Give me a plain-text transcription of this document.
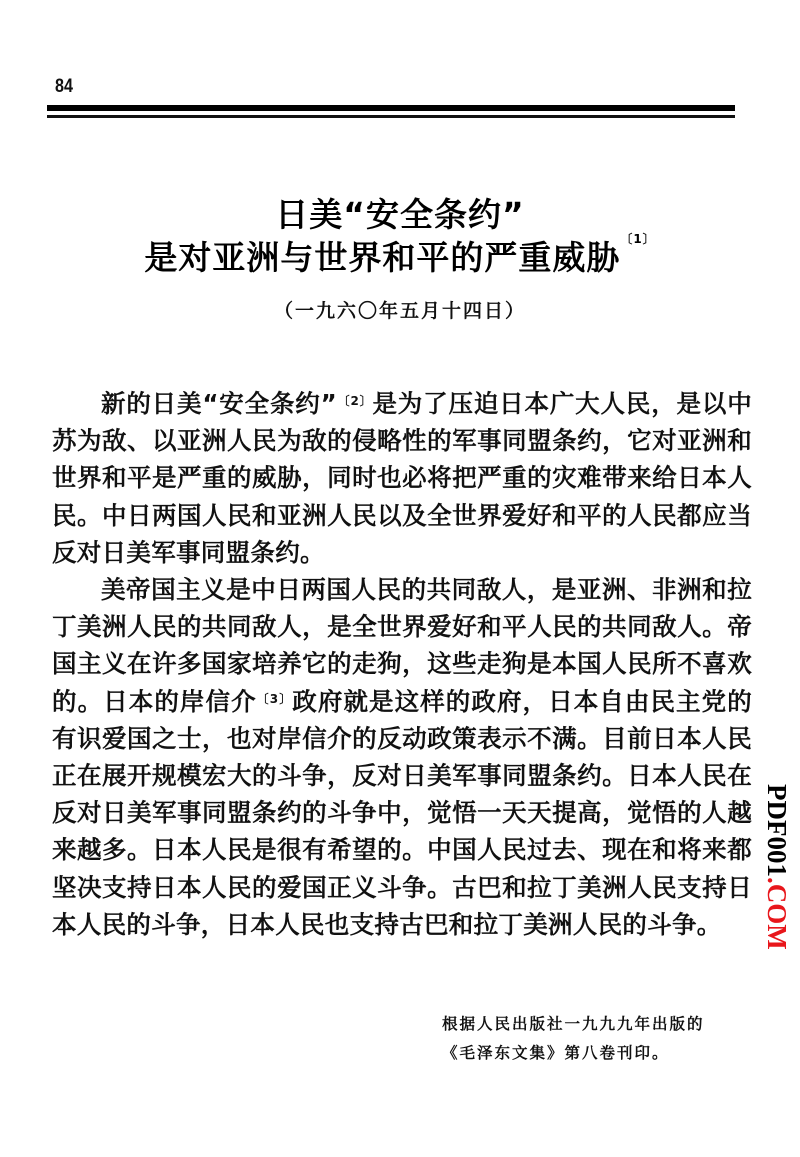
84
日美“安全条约”
是对亚洲与世界和平的严重威胁$^{〔1〕}$
（一九六〇年五月十四日）

新的日美“安全条约”$^{〔2〕}$是为了压迫日本广大人民，是以中苏为敌、以亚洲人民为敌的侵略性的军事同盟条约，它对亚洲和世界和平是严重的威胁，同时也必将把严重的灾难带来给日本人民。中日两国人民和亚洲人民以及全世界爱好和平的人民都应当反对日美军事同盟条约。

美帝国主义是中日两国人民的共同敌人，是亚洲、非洲和拉丁美洲人民的共同敌人，是全世界爱好和平人民的共同敌人。帝国主义在许多国家培养它的走狗，这些走狗是本国人民所不喜欢的。日本的岸信介$^{〔3〕}$政府就是这样的政府，日本自由民主党的有识爱国之士，也对岸信介的反动政策表示不满。目前日本人民正在展开规模宏大的斗争，反对日美军事同盟条约。日本人民在反对日美军事同盟条约的斗争中，觉悟一天天提高，觉悟的人越来越多。日本人民是很有希望的。中国人民过去、现在和将来都坚决支持日本人民的爱国正义斗争。古巴和拉丁美洲人民支持日本人民的斗争，日本人民也支持古巴和拉丁美洲人民的斗争。

根据人民出版社一九九九年出版的
《毛泽东文集》第八卷刊印。
PDF001.COM
